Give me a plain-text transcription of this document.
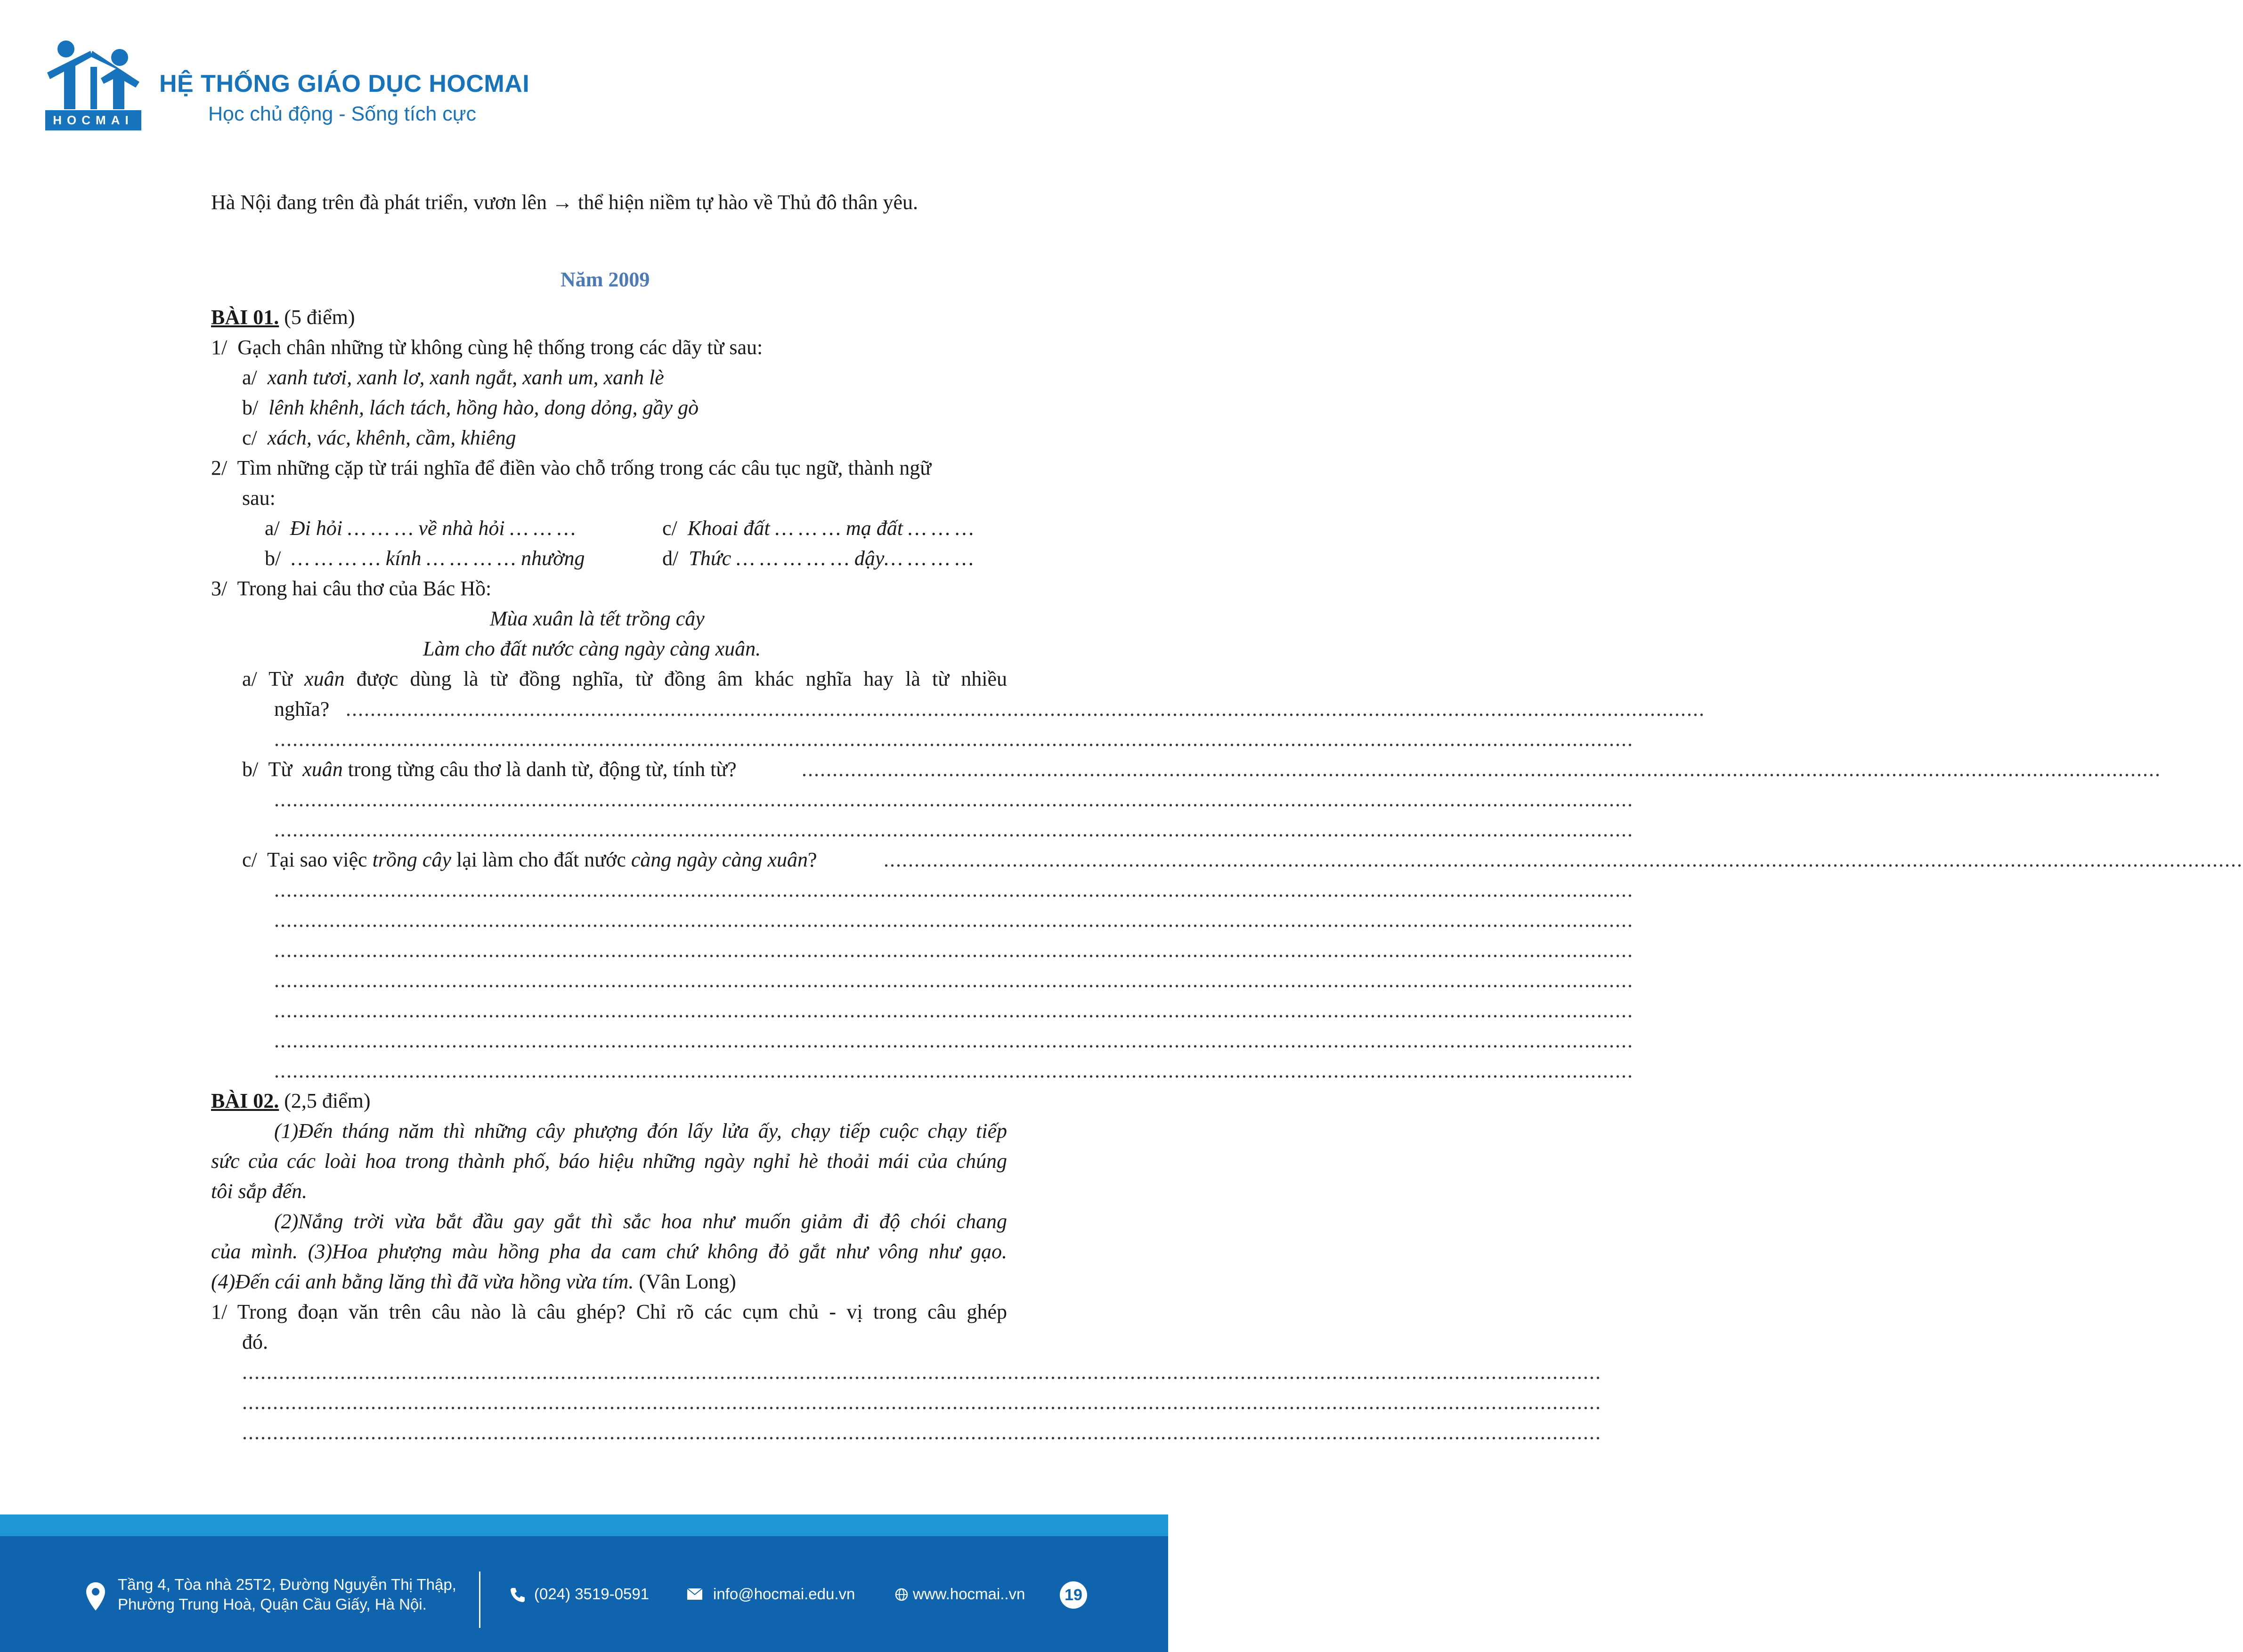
HOCMAI
HỆ THỐNG GIÁO DỤC HOCMAI
Học chủ động - Sống tích cực
Hà Nội đang trên đà phát triển, vươn lên → thể hiện niềm tự hào về Thủ đô thân yêu.
Năm 2009
BÀI 01. (5 điểm)
1/ Gạch chân những từ không cùng hệ thống trong các dãy từ sau:
a/ xanh tươi, xanh lơ, xanh ngắt, xanh um, xanh lè
b/ lênh khênh, lách tách, hồng hào, dong dỏng, gầy gò
c/ xách, vác, khênh, cầm, khiêng
2/ Tìm những cặp từ trái nghĩa để điền vào chỗ trống trong các câu tục ngữ, thành ngữ
sau:
a/ Đi hỏi … … … về nhà hỏi … … …	c/ Khoai đất … … … mạ đất … … …
b/ … … … … kính … … … … nhường	d/ Thức … … … … … dậy… … … …
3/ Trong hai câu thơ của Bác Hồ:
Mùa xuân là tết trồng cây
Làm cho đất nước càng ngày càng xuân.
a/ Từ xuân được dùng là từ đồng nghĩa, từ đồng âm khác nghĩa hay là từ nhiều
nghĩa? ..............................................................................................................................................................................................................................
..............................................................................................................................................................................................................................
b/ Từ xuân trong từng câu thơ là danh từ, động từ, tính từ?	..............................................................................................................................................................................................................................
..............................................................................................................................................................................................................................
..............................................................................................................................................................................................................................
c/ Tại sao việc trồng cây lại làm cho đất nước càng ngày càng xuân?	..............................................................................................................................................................................................................................
..............................................................................................................................................................................................................................
..............................................................................................................................................................................................................................
..............................................................................................................................................................................................................................
..............................................................................................................................................................................................................................
..............................................................................................................................................................................................................................
..............................................................................................................................................................................................................................
..............................................................................................................................................................................................................................
BÀI 02. (2,5 điểm)
(1)Đến tháng năm thì những cây phượng đón lấy lửa ấy, chạy tiếp cuộc chạy tiếp
sức của các loài hoa trong thành phố, báo hiệu những ngày nghỉ hè thoải mái của chúng
tôi sắp đến.
(2)Nắng trời vừa bắt đầu gay gắt thì sắc hoa như muốn giảm đi độ chói chang
của mình. (3)Hoa phượng màu hồng pha da cam chứ không đỏ gắt như vông như gạo.
(4)Đến cái anh bằng lăng thì đã vừa hồng vừa tím. (Vân Long)
1/ Trong đoạn văn trên câu nào là câu ghép? Chỉ rõ các cụm chủ - vị trong câu ghép
đó.
..............................................................................................................................................................................................................................
..............................................................................................................................................................................................................................
..............................................................................................................................................................................................................................
Tầng 4, Tòa nhà 25T2, Đường Nguyễn Thị Thập,
Phường Trung Hoà, Quận Cầu Giấy, Hà Nội.
(024) 3519-0591	info@hocmai.edu.vn	www.hocmai..vn 19
